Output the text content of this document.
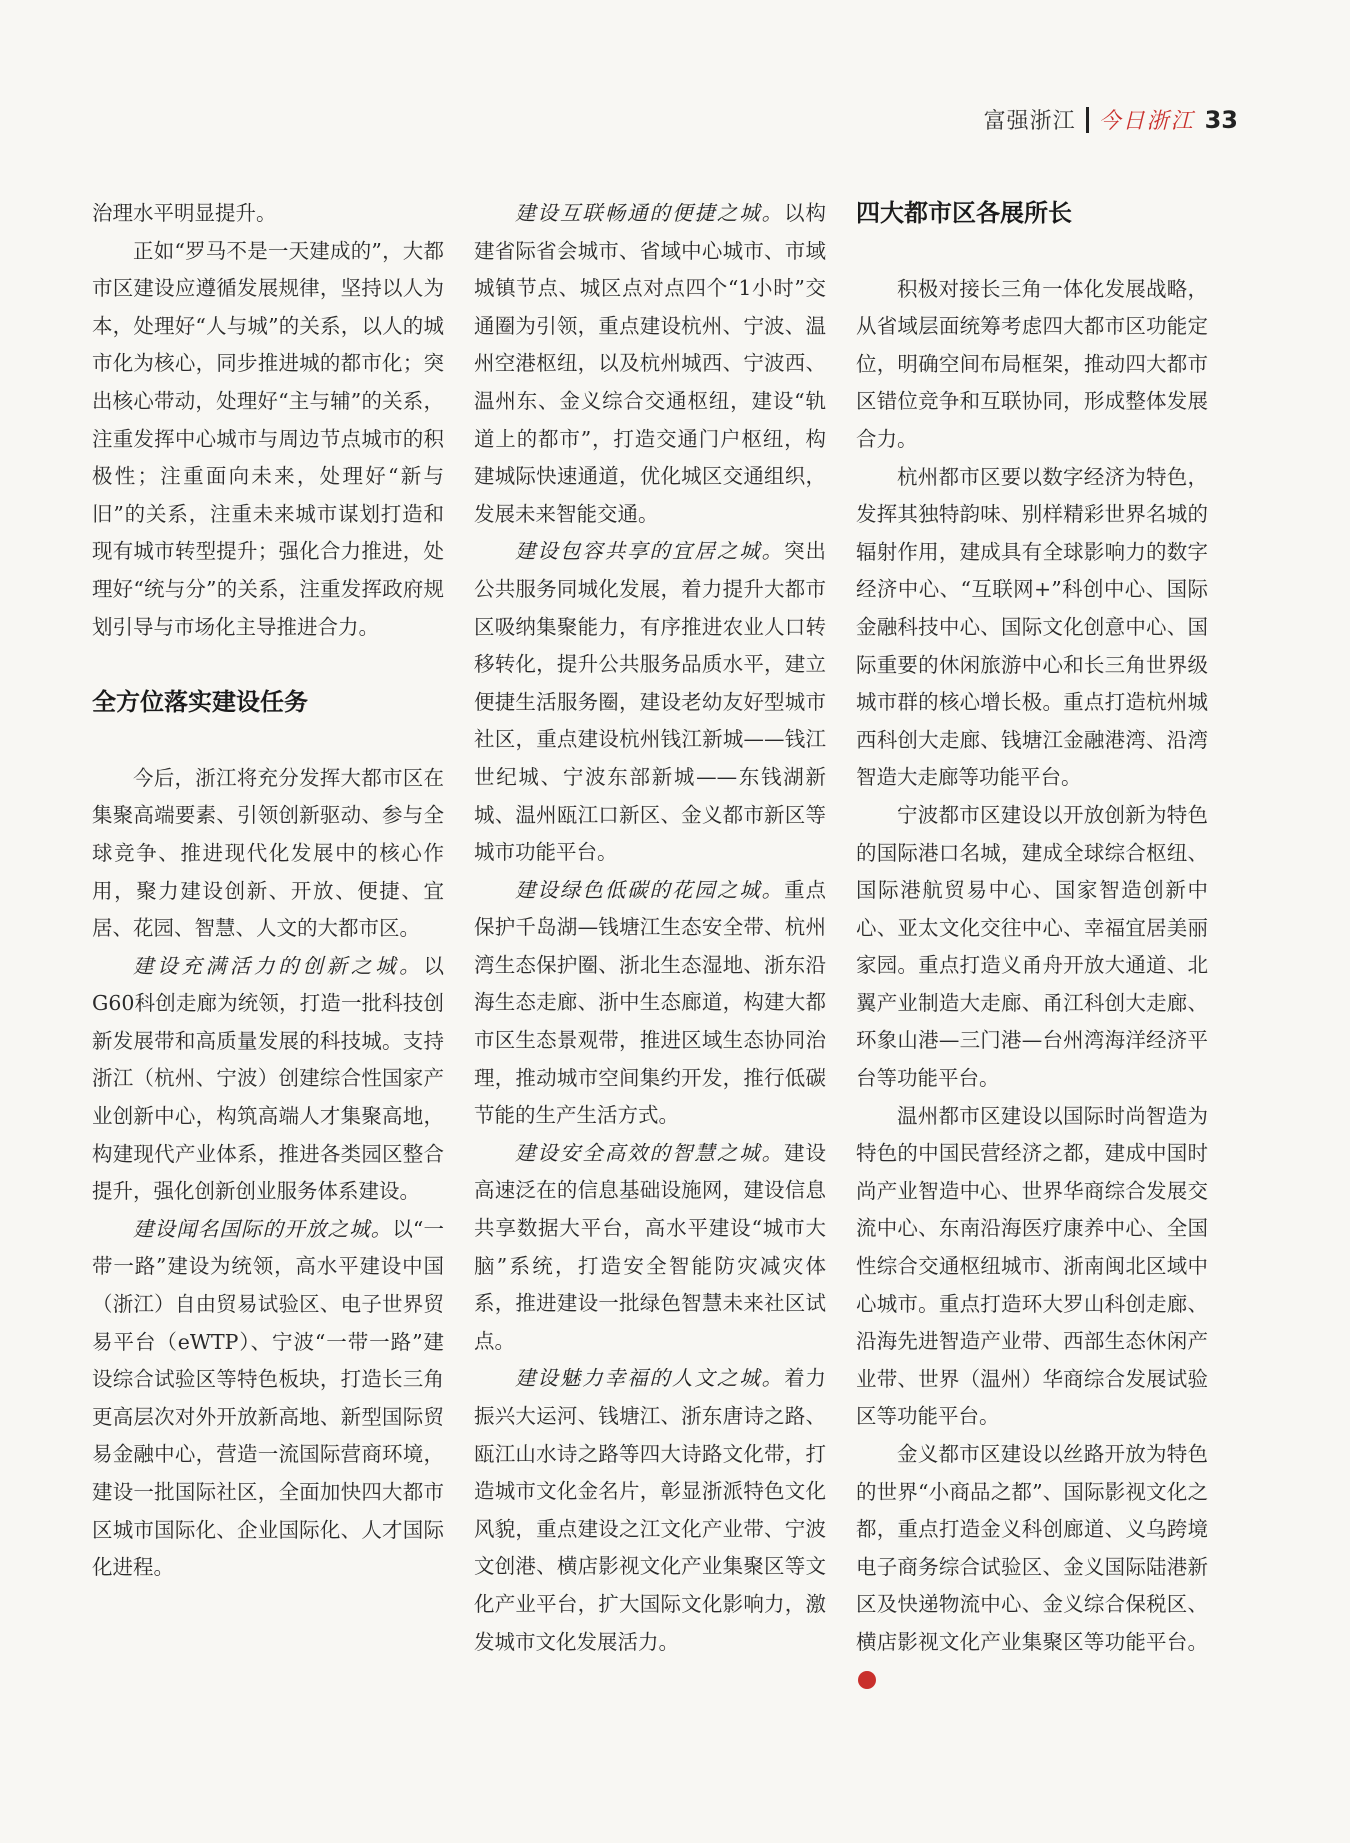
富强浙江 今日浙江 33

治理水平明显提升。

正如“罗马不是一天建成的”，大都市区建设应遵循发展规律，坚持以人为本，处理好“人与城”的关系，以人的城市化为核心，同步推进城的都市化；突出核心带动，处理好“主与辅”的关系，注重发挥中心城市与周边节点城市的积极性；注重面向未来，处理好“新与旧”的关系，注重未来城市谋划打造和现有城市转型提升；强化合力推进，处理好“统与分”的关系，注重发挥政府规划引导与市场化主导推进合力。

全方位落实建设任务

今后，浙江将充分发挥大都市区在集聚高端要素、引领创新驱动、参与全球竞争、推进现代化发展中的核心作用，聚力建设创新、开放、便捷、宜居、花园、智慧、人文的大都市区。

建设充满活力的创新之城。以G60科创走廊为统领，打造一批科技创新发展带和高质量发展的科技城。支持浙江（杭州、宁波）创建综合性国家产业创新中心，构筑高端人才集聚高地，构建现代产业体系，推进各类园区整合提升，强化创新创业服务体系建设。

建设闻名国际的开放之城。以“一带一路”建设为统领，高水平建设中国（浙江）自由贸易试验区、电子世界贸易平台（eWTP）、宁波“一带一路”建设综合试验区等特色板块，打造长三角更高层次对外开放新高地、新型国际贸易金融中心，营造一流国际营商环境，建设一批国际社区，全面加快四大都市区城市国际化、企业国际化、人才国际化进程。

建设互联畅通的便捷之城。以构建省际省会城市、省域中心城市、市域城镇节点、城区点对点四个“1小时”交通圈为引领，重点建设杭州、宁波、温州空港枢纽，以及杭州城西、宁波西、温州东、金义综合交通枢纽，建设“轨道上的都市”，打造交通门户枢纽，构建城际快速通道，优化城区交通组织，发展未来智能交通。

建设包容共享的宜居之城。突出公共服务同城化发展，着力提升大都市区吸纳集聚能力，有序推进农业人口转移转化，提升公共服务品质水平，建立便捷生活服务圈，建设老幼友好型城市社区，重点建设杭州钱江新城——钱江世纪城、宁波东部新城——东钱湖新城、温州瓯江口新区、金义都市新区等城市功能平台。

建设绿色低碳的花园之城。重点保护千岛湖—钱塘江生态安全带、杭州湾生态保护圈、浙北生态湿地、浙东沿海生态走廊、浙中生态廊道，构建大都市区生态景观带，推进区域生态协同治理，推动城市空间集约开发，推行低碳节能的生产生活方式。

建设安全高效的智慧之城。建设高速泛在的信息基础设施网，建设信息共享数据大平台，高水平建设“城市大脑”系统，打造安全智能防灾减灾体系，推进建设一批绿色智慧未来社区试点。

建设魅力幸福的人文之城。着力振兴大运河、钱塘江、浙东唐诗之路、瓯江山水诗之路等四大诗路文化带，打造城市文化金名片，彰显浙派特色文化风貌，重点建设之江文化产业带、宁波文创港、横店影视文化产业集聚区等文化产业平台，扩大国际文化影响力，激发城市文化发展活力。

四大都市区各展所长

积极对接长三角一体化发展战略，从省域层面统筹考虑四大都市区功能定位，明确空间布局框架，推动四大都市区错位竞争和互联协同，形成整体发展合力。

杭州都市区要以数字经济为特色，发挥其独特韵味、别样精彩世界名城的辐射作用，建成具有全球影响力的数字经济中心、“互联网+”科创中心、国际金融科技中心、国际文化创意中心、国际重要的休闲旅游中心和长三角世界级城市群的核心增长极。重点打造杭州城西科创大走廊、钱塘江金融港湾、沿湾智造大走廊等功能平台。

宁波都市区建设以开放创新为特色的国际港口名城，建成全球综合枢纽、国际港航贸易中心、国家智造创新中心、亚太文化交往中心、幸福宜居美丽家园。重点打造义甬舟开放大通道、北翼产业制造大走廊、甬江科创大走廊、环象山港—三门港—台州湾海洋经济平台等功能平台。

温州都市区建设以国际时尚智造为特色的中国民营经济之都，建成中国时尚产业智造中心、世界华商综合发展交流中心、东南沿海医疗康养中心、全国性综合交通枢纽城市、浙南闽北区域中心城市。重点打造环大罗山科创走廊、沿海先进智造产业带、西部生态休闲产业带、世界（温州）华商综合发展试验区等功能平台。

金义都市区建设以丝路开放为特色的世界“小商品之都”、国际影视文化之都，重点打造金义科创廊道、义乌跨境电子商务综合试验区、金义国际陆港新区及快递物流中心、金义综合保税区、横店影视文化产业集聚区等功能平台。
